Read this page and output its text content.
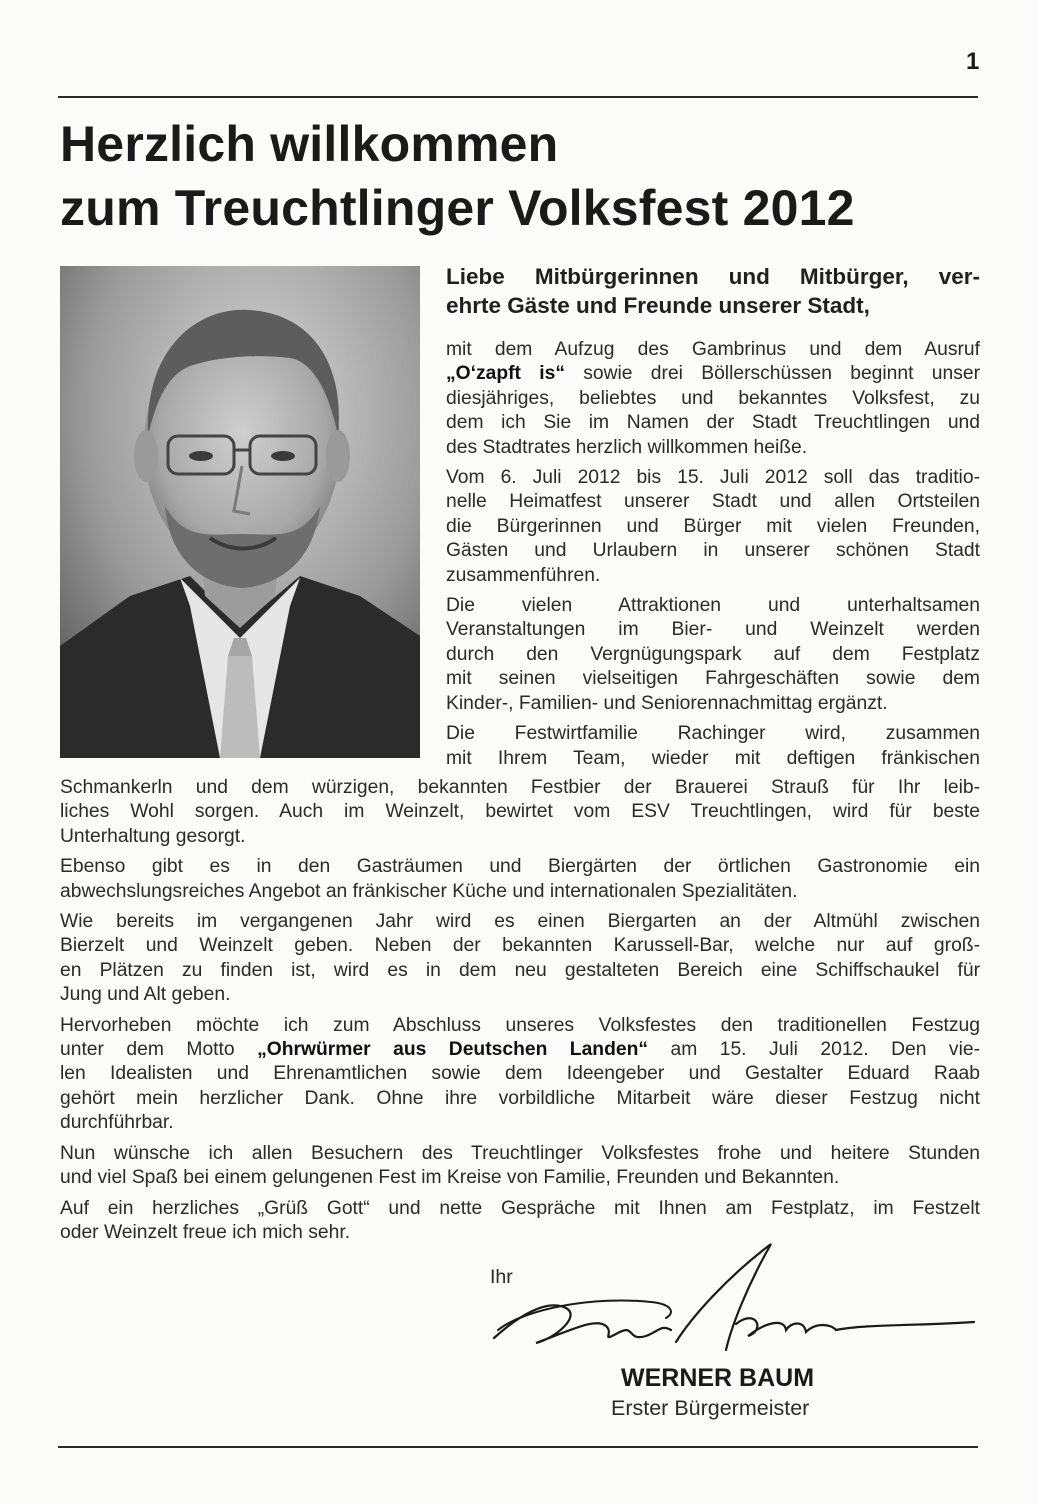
1
Herzlich willkommen
zum Treuchtlinger Volksfest 2012

Liebe Mitbürgerinnen und Mitbürger, ver-
ehrte Gäste und Freunde unserer Stadt,

mit dem Aufzug des Gambrinus und dem Ausruf
„O‘zapft is“ sowie drei Böllerschüssen beginnt unser
diesjähriges, beliebtes und bekanntes Volksfest, zu
dem ich Sie im Namen der Stadt Treuchtlingen und
des Stadtrates herzlich willkommen heiße.

Vom 6. Juli 2012 bis 15. Juli 2012 soll das traditio-
nelle Heimatfest unserer Stadt und allen Ortsteilen
die Bürgerinnen und Bürger mit vielen Freunden,
Gästen und Urlaubern in unserer schönen Stadt
zusammenführen.

Die vielen Attraktionen und unterhaltsamen
Veranstaltungen im Bier- und Weinzelt werden
durch den Vergnügungspark auf dem Festplatz
mit seinen vielseitigen Fahrgeschäften sowie dem
Kinder-, Familien- und Seniorennachmittag ergänzt.

Die Festwirtfamilie Rachinger wird, zusammen
mit Ihrem Team, wieder mit deftigen fränkischen

Schmankerln und dem würzigen, bekannten Festbier der Brauerei Strauß für Ihr leib-
liches Wohl sorgen. Auch im Weinzelt, bewirtet vom ESV Treuchtlingen, wird für beste
Unterhaltung gesorgt.

Ebenso gibt es in den Gasträumen und Biergärten der örtlichen Gastronomie ein
abwechslungsreiches Angebot an fränkischer Küche und internationalen Spezialitäten.

Wie bereits im vergangenen Jahr wird es einen Biergarten an der Altmühl zwischen
Bierzelt und Weinzelt geben. Neben der bekannten Karussell-Bar, welche nur auf groß-
en Plätzen zu finden ist, wird es in dem neu gestalteten Bereich eine Schiffschaukel für
Jung und Alt geben.

Hervorheben möchte ich zum Abschluss unseres Volksfestes den traditionellen Festzug
unter dem Motto „Ohrwürmer aus Deutschen Landen“ am 15. Juli 2012. Den vie-
len Idealisten und Ehrenamtlichen sowie dem Ideengeber und Gestalter Eduard Raab
gehört mein herzlicher Dank. Ohne ihre vorbildliche Mitarbeit wäre dieser Festzug nicht
durchführbar.

Nun wünsche ich allen Besuchern des Treuchtlinger Volksfestes frohe und heitere Stunden
und viel Spaß bei einem gelungenen Fest im Kreise von Familie, Freunden und Bekannten.

Auf ein herzliches „Grüß Gott“ und nette Gespräche mit Ihnen am Festplatz, im Festzelt
oder Weinzelt freue ich mich sehr.

Ihr
WERNER BAUM
Erster Bürgermeister
